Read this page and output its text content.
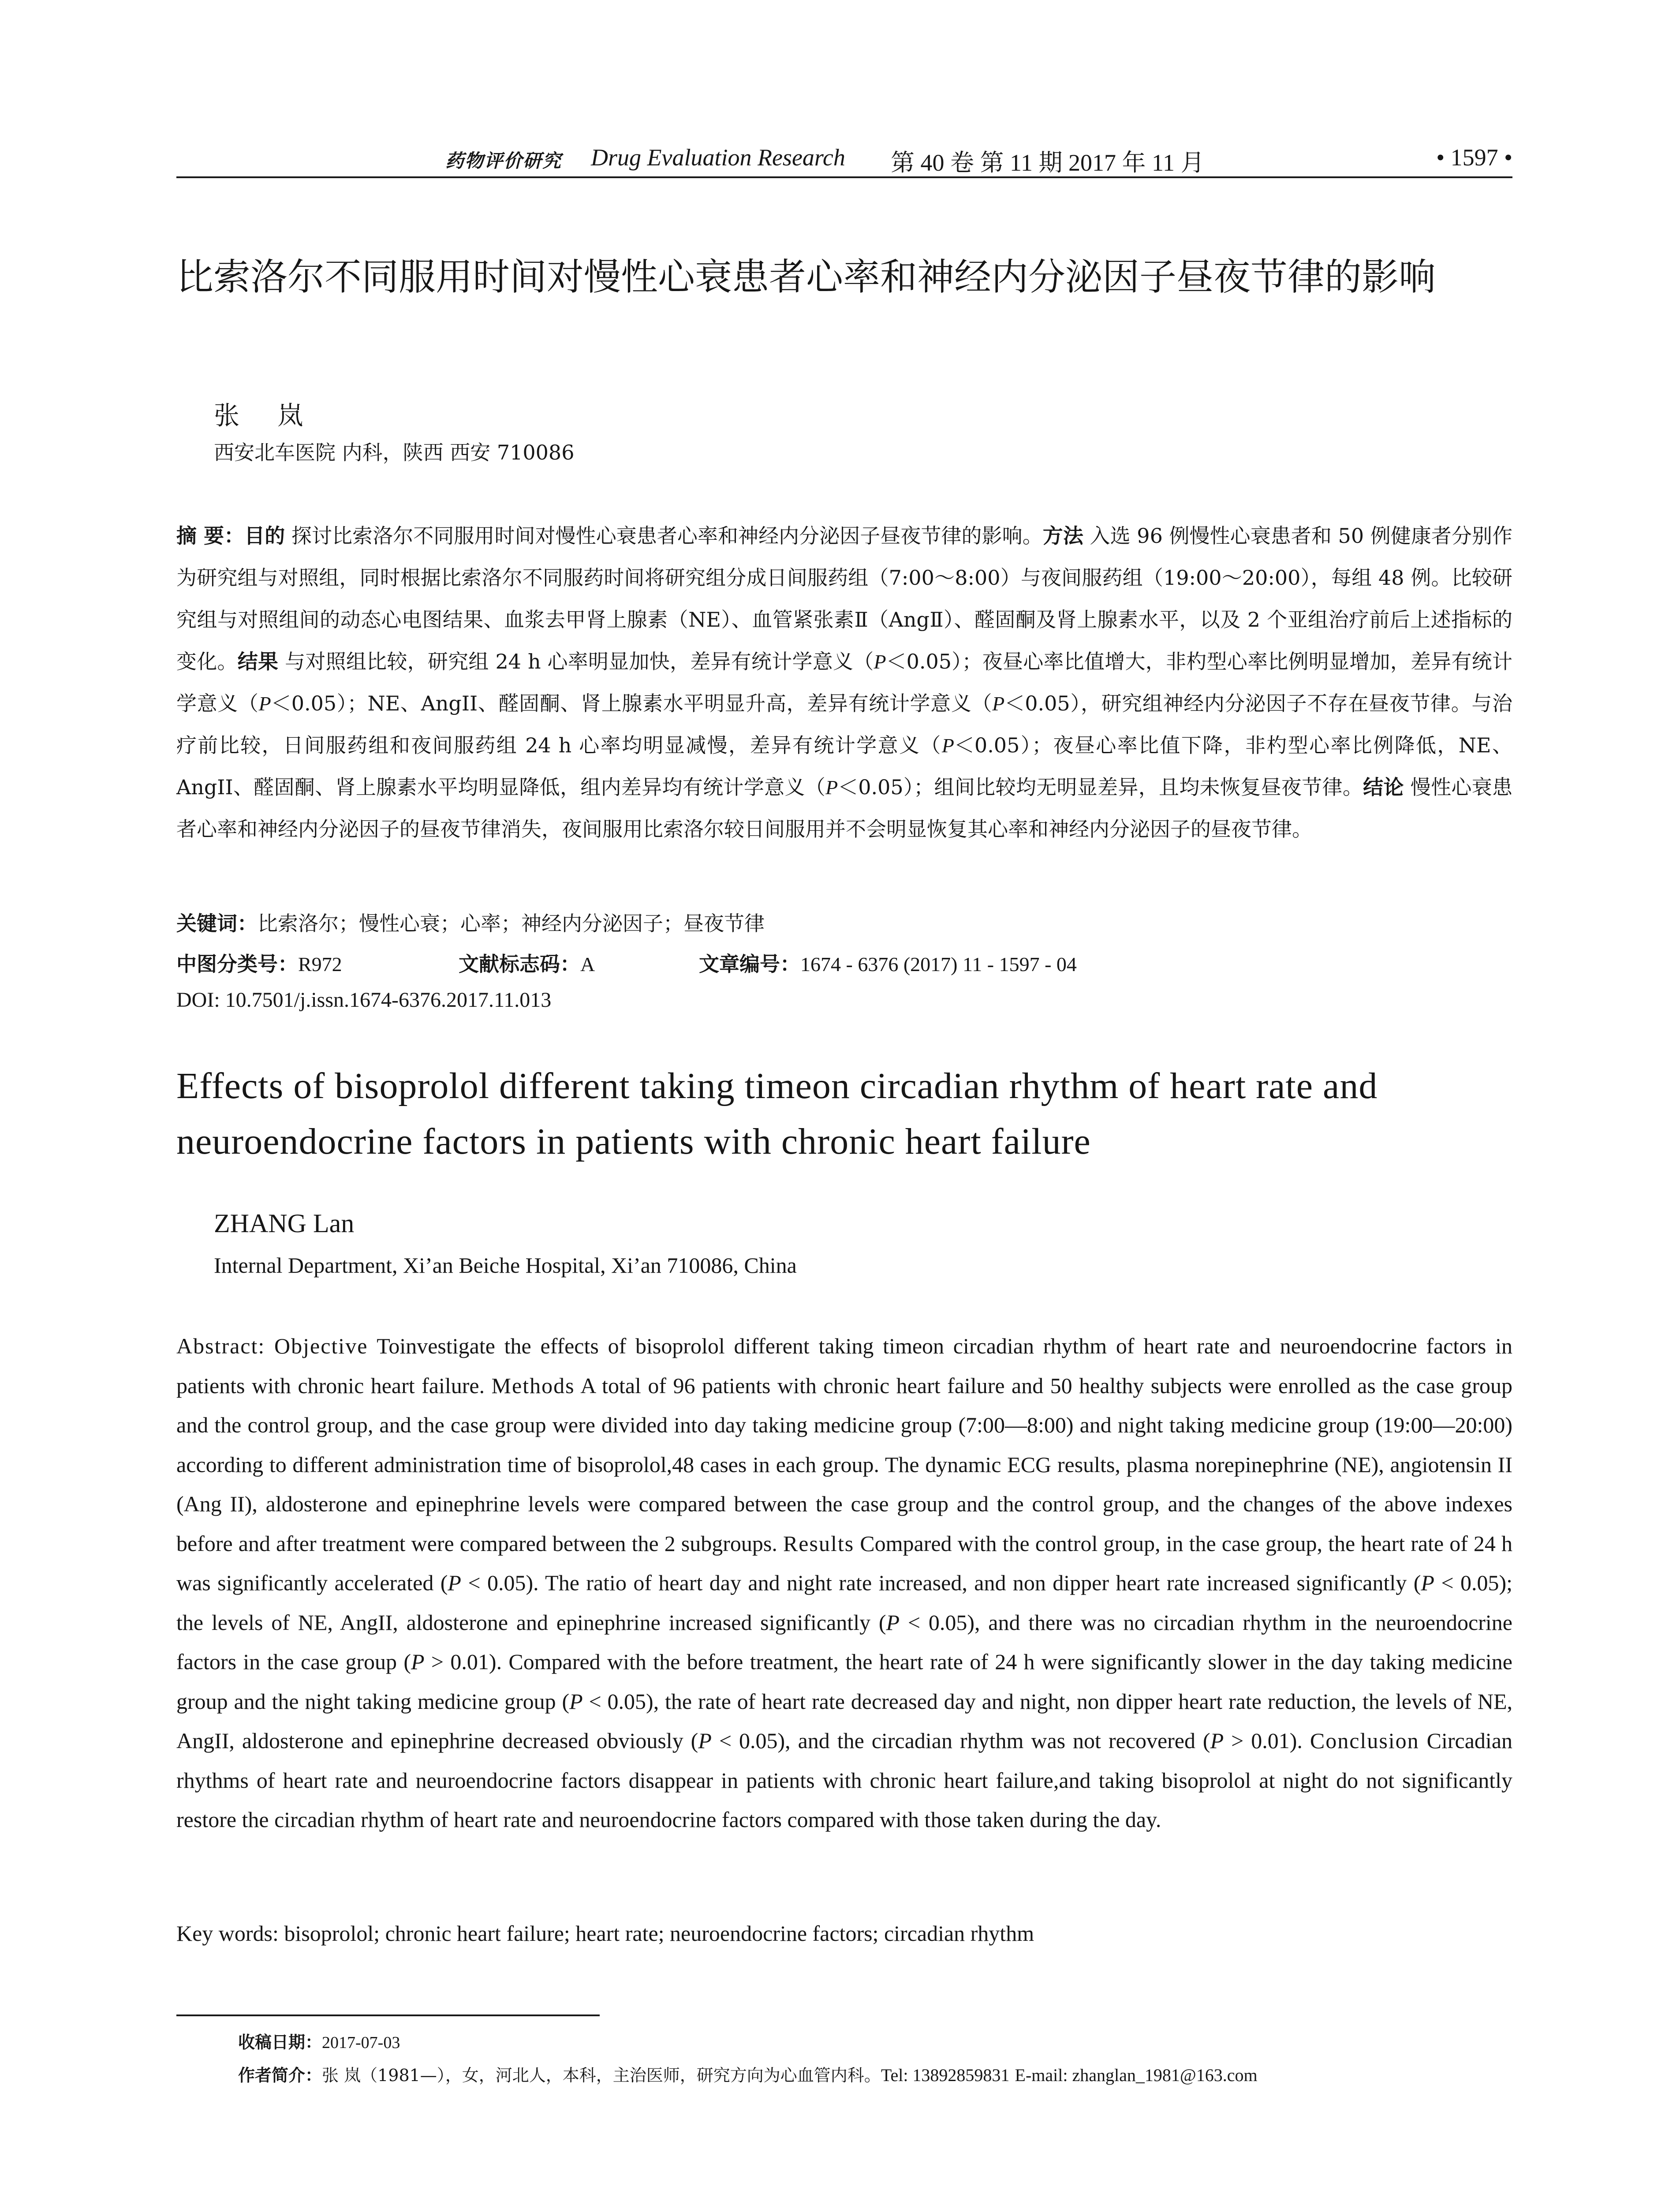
药物评价研究 Drug Evaluation Research 第 40 卷 第 11 期 2017 年 11 月	• 1597 •
比索洛尔不同服用时间对慢性心衰患者心率和神经内分泌因子昼夜节律的影响
张 岚
西安北车医院 内科，陕西 西安 710086

摘 要：目的 探讨比索洛尔不同服用时间对慢性心衰患者心率和神经内分泌因子昼夜节律的影响。方法 入选 96 例慢性心衰患者和 50 例健康者分别作为研究组与对照组，同时根据比索洛尔不同服药时间将研究组分成日间服药组（7:00～8:00）与夜间服药组（19:00～20:00），每组 48 例。比较研究组与对照组间的动态心电图结果、血浆去甲肾上腺素（NE）、血管紧张素Ⅱ（AngⅡ）、醛固酮及肾上腺素水平，以及 2 个亚组治疗前后上述指标的变化。结果 与对照组比较，研究组 24 h 心率明显加快，差异有统计学意义（P＜0.05）；夜昼心率比值增大，非杓型心率比例明显增加，差异有统计学意义（P＜0.05）；NE、AngII、醛固酮、肾上腺素水平明显升高，差异有统计学意义（P＜0.05），研究组神经内分泌因子不存在昼夜节律。与治疗前比较，日间服药组和夜间服药组 24 h 心率均明显减慢，差异有统计学意义（P＜0.05）；夜昼心率比值下降，非杓型心率比例降低，NE、AngII、醛固酮、肾上腺素水平均明显降低，组内差异均有统计学意义（P＜0.05）；组间比较均无明显差异，且均未恢复昼夜节律。结论 慢性心衰患者心率和神经内分泌因子的昼夜节律消失，夜间服用比索洛尔较日间服用并不会明显恢复其心率和神经内分泌因子的昼夜节律。

关键词：比索洛尔；慢性心衰；心率；神经内分泌因子；昼夜节律
中图分类号：R972	文献标志码：A	文章编号：1674 - 6376 (2017) 11 - 1597 - 04
DOI: 10.7501/j.issn.1674-6376.2017.11.013
Effects of bisoprolol different taking timeon circadian rhythm of heart rate and neuroendocrine factors in patients with chronic heart failure
ZHANG Lan
Internal Department, Xi’an Beiche Hospital, Xi’an 710086, China

Abstract: Objective Toinvestigate the effects of bisoprolol different taking timeon circadian rhythm of heart rate and neuroendocrine factors in patients with chronic heart failure. Methods A total of 96 patients with chronic heart failure and 50 healthy subjects were enrolled as the case group and the control group, and the case group were divided into day taking medicine group (7:00—8:00) and night taking medicine group (19:00—20:00) according to different administration time of bisoprolol,48 cases in each group. The dynamic ECG results, plasma norepinephrine (NE), angiotensin II (Ang II), aldosterone and epinephrine levels were compared between the case group and the control group, and the changes of the above indexes before and after treatment were compared between the 2 subgroups. Results Compared with the control group, in the case group, the heart rate of 24 h was significantly accelerated (P < 0.05). The ratio of heart day and night rate increased, and non dipper heart rate increased significantly (P < 0.05); the levels of NE, AngII, aldosterone and epinephrine increased significantly (P < 0.05), and there was no circadian rhythm in the neuroendocrine factors in the case group (P > 0.01). Compared with the before treatment, the heart rate of 24 h were significantly slower in the day taking medicine group and the night taking medicine group (P < 0.05), the rate of heart rate decreased day and night, non dipper heart rate reduction, the levels of NE, AngII, aldosterone and epinephrine decreased obviously (P < 0.05), and the circadian rhythm was not recovered (P > 0.01). Conclusion Circadian rhythms of heart rate and neuroendocrine factors disappear in patients with chronic heart failure,and taking bisoprolol at night do not significantly restore the circadian rhythm of heart rate and neuroendocrine factors compared with those taken during the day.

Key words: bisoprolol; chronic heart failure; heart rate; neuroendocrine factors; circadian rhythm
收稿日期：2017-07-03
作者简介：张 岚（1981—），女，河北人，本科，主治医师，研究方向为心血管内科。Tel: 13892859831 E-mail: zhanglan_1981@163.com
